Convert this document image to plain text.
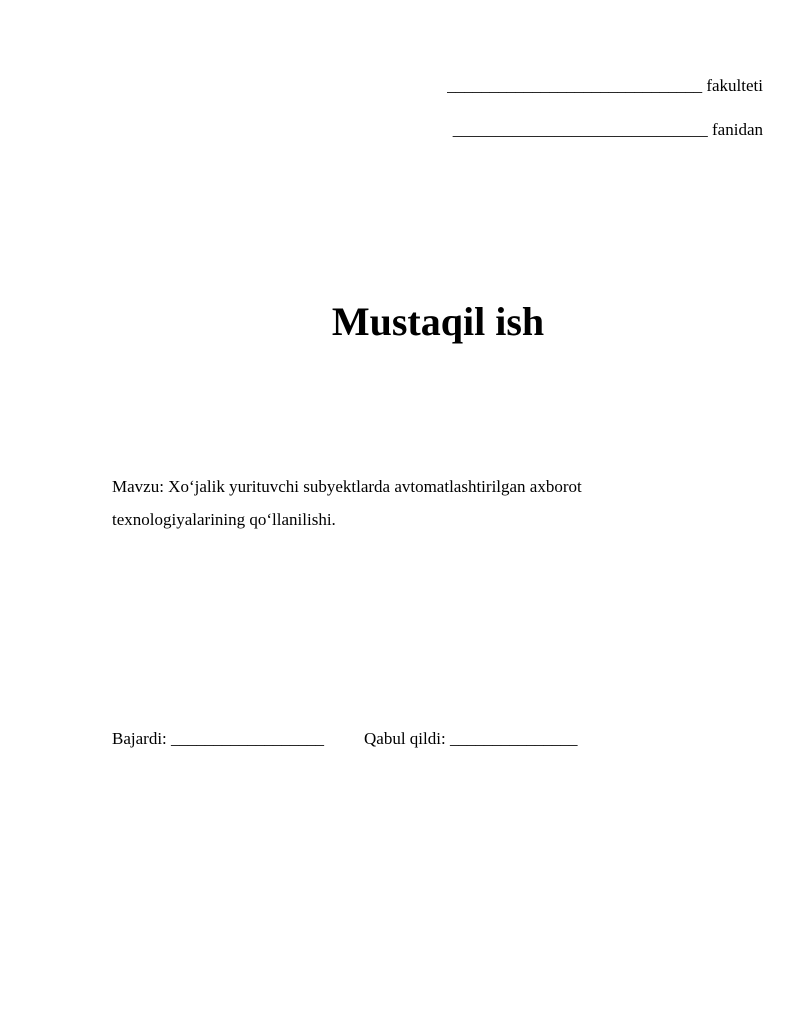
______________________________ fakulteti
______________________________ fanidan
Mustaqil ish
Mavzu: Xo‘jalik yurituvchi subyektlarda avtomatlashtirilgan axborot
texnologiyalarining qo‘llanilishi.
Bajardi: __________________ Qabul qildi: _______________
